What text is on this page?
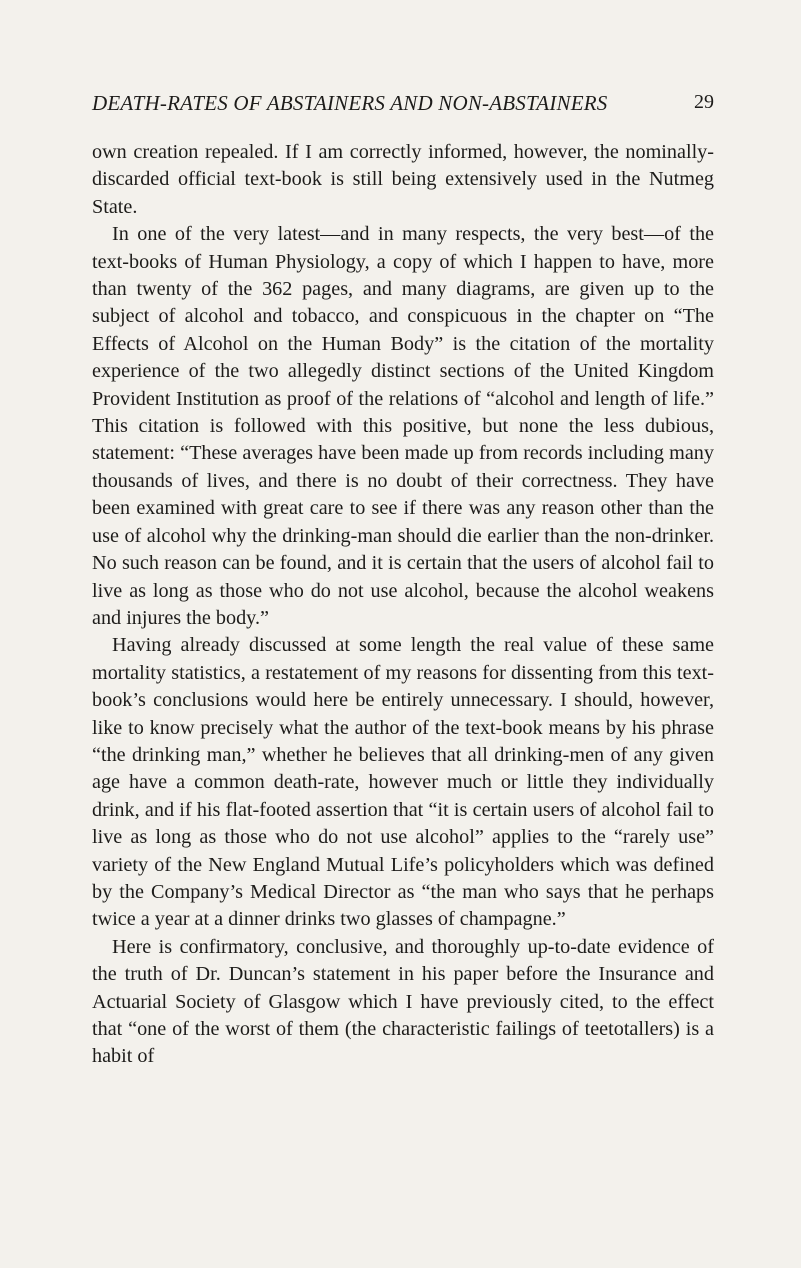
DEATH-RATES OF ABSTAINERS AND NON-ABSTAINERS	29

own creation repealed. If I am correctly informed, however, the nominally-discarded official text-book is still being extensively used in the Nutmeg State.

In one of the very latest—and in many respects, the very best—of the text-books of Human Physiology, a copy of which I happen to have, more than twenty of the 362 pages, and many diagrams, are given up to the subject of alcohol and tobacco, and conspicuous in the chapter on “The Effects of Alcohol on the Human Body” is the citation of the mortality experience of the two allegedly distinct sections of the United Kingdom Provident Institution as proof of the relations of “alcohol and length of life.” This citation is followed with this positive, but none the less dubious, statement: “These averages have been made up from records including many thousands of lives, and there is no doubt of their correctness. They have been examined with great care to see if there was any reason other than the use of alcohol why the drinking-man should die earlier than the non-drinker. No such reason can be found, and it is certain that the users of alcohol fail to live as long as those who do not use alcohol, because the alcohol weakens and injures the body.”

Having already discussed at some length the real value of these same mortality statistics, a restatement of my reasons for dissenting from this text-book’s conclusions would here be entirely unnecessary. I should, however, like to know precisely what the author of the text-book means by his phrase “the drinking man,” whether he believes that all drinking-men of any given age have a common death-rate, however much or little they individually drink, and if his flat-footed assertion that “it is certain users of alcohol fail to live as long as those who do not use alcohol” applies to the “rarely use” variety of the New England Mutual Life’s policyholders which was defined by the Company’s Medical Director as “the man who says that he perhaps twice a year at a dinner drinks two glasses of champagne.”

Here is confirmatory, conclusive, and thoroughly up-to-date evidence of the truth of Dr. Duncan’s statement in his paper before the Insurance and Actuarial Society of Glasgow which I have previously cited, to the effect that “one of the worst of them (the characteristic failings of teetotallers) is a habit of
